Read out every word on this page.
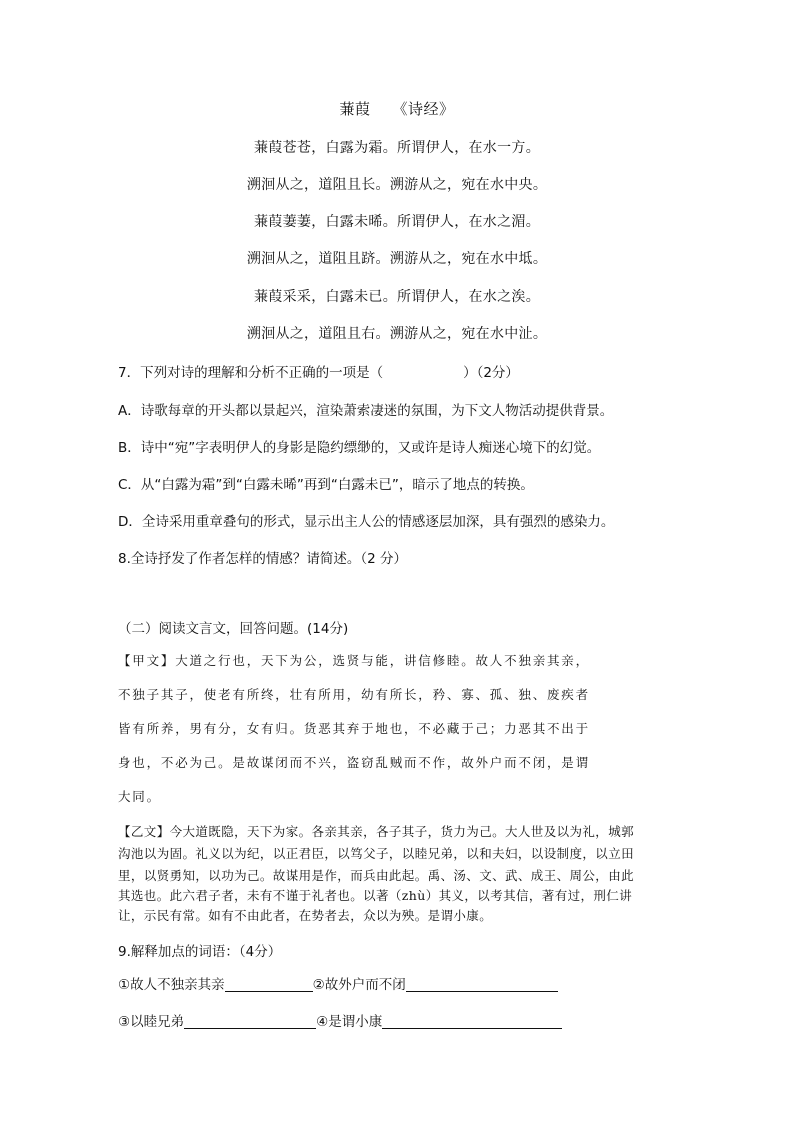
蒹葭 《诗经》
蒹葭苍苍，白露为霜。所谓伊人，在水一方。
溯洄从之，道阻且长。溯游从之，宛在水中央。
蒹葭萋萋，白露未晞。所谓伊人，在水之湄。
溯洄从之，道阻且跻。溯游从之，宛在水中坻。
蒹葭采采，白露未已。所谓伊人，在水之涘。
溯洄从之，道阻且右。溯游从之，宛在水中沚。
7．下列对诗的理解和分析不正确的一项是（	）（2分）
A．诗歌每章的开头都以景起兴，渲染萧索凄迷的氛围，为下文人物活动提供背景。
B．诗中“宛”字表明伊人的身影是隐约缥缈的，又或许是诗人痴迷心境下的幻觉。
C．从“白露为霜”到“白露未晞”再到“白露未已”，暗示了地点的转换。
D．全诗采用重章叠句的形式，显示出主人公的情感逐层加深，具有强烈的感染力。
8.全诗抒发了作者怎样的情感？请简述。（2 分）
（二）阅读文言文，回答问题。(14分)
【甲文】大道之行也，天下为公，选贤与能，讲信修睦。故人不独亲其亲，
不独子其子，使老有所终，壮有所用，幼有所长，矜、寡、孤、独、废疾者
皆有所养，男有分，女有归。货恶其弃于地也，不必藏于己；力恶其不出于
身也，不必为己。是故谋闭而不兴，盗窃乱贼而不作，故外户而不闭，是谓
大同。
【乙文】今大道既隐，天下为家。各亲其亲，各子其子，货力为己。大人世及以为礼，城郭
沟池以为固。礼义以为纪，以正君臣，以笃父子，以睦兄弟，以和夫妇，以设制度，以立田
里，以贤勇知，以功为己。故谋用是作，而兵由此起。禹、汤、文、武、成王、周公，由此
其选也。此六君子者，未有不谨于礼者也。以著（zhù）其义，以考其信，著有过，刑仁讲
让，示民有常。如有不由此者，在势者去，众以为殃。是谓小康。
9.解释加点的词语：（4分）
①故人不独亲其亲	②故外户而不闭
③以睦兄弟	④是谓小康
